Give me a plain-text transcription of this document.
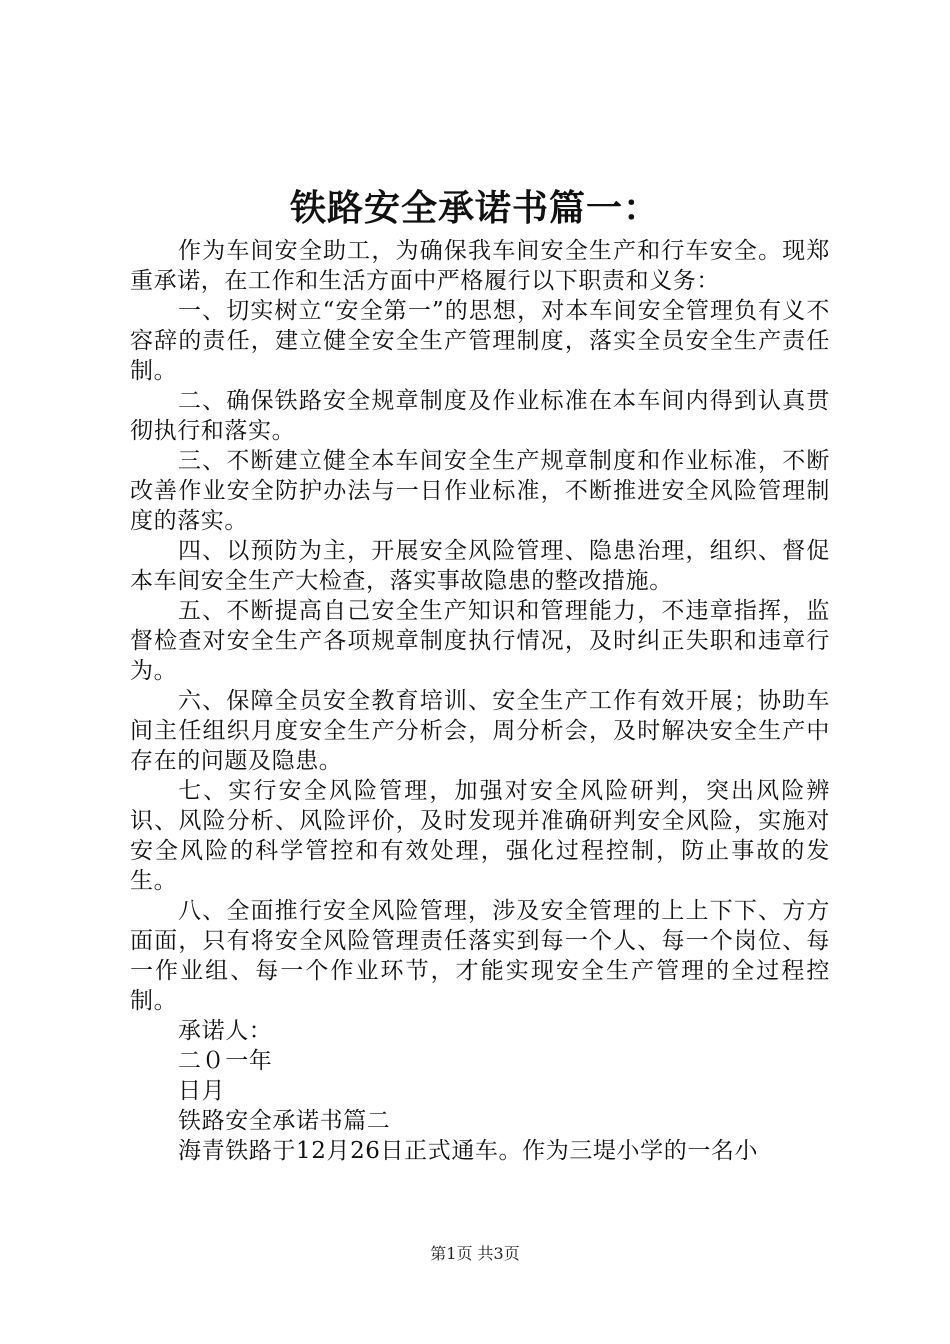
铁路安全承诺书篇一：

作为车间安全助工，为确保我车间安全生产和行车安全。现郑重承诺，在工作和生活方面中严格履行以下职责和义务：

一、切实树立“安全第一”的思想，对本车间安全管理负有义不容辞的责任，建立健全安全生产管理制度，落实全员安全生产责任制。

二、确保铁路安全规章制度及作业标准在本车间内得到认真贯彻执行和落实。

三、不断建立健全本车间安全生产规章制度和作业标准，不断改善作业安全防护办法与一日作业标准，不断推进安全风险管理制度的落实。

四、以预防为主，开展安全风险管理、隐患治理，组织、督促本车间安全生产大检查，落实事故隐患的整改措施。

五、不断提高自己安全生产知识和管理能力，不违章指挥，监督检查对安全生产各项规章制度执行情况，及时纠正失职和违章行为。

六、保障全员安全教育培训、安全生产工作有效开展；协助车间主任组织月度安全生产分析会，周分析会，及时解决安全生产中存在的问题及隐患。

七、实行安全风险管理，加强对安全风险研判，突出风险辨识、风险分析、风险评价，及时发现并准确研判安全风险，实施对安全风险的科学管控和有效处理，强化过程控制，防止事故的发生。

八、全面推行安全风险管理，涉及安全管理的上上下下、方方面面，只有将安全风险管理责任落实到每一个人、每一个岗位、每一作业组、每一个作业环节，才能实现安全生产管理的全过程控制。

承诺人：

二０一年

日月

铁路安全承诺书篇二

海青铁路于12月26日正式通车。作为三堤小学的一名小

第1页 共3页
